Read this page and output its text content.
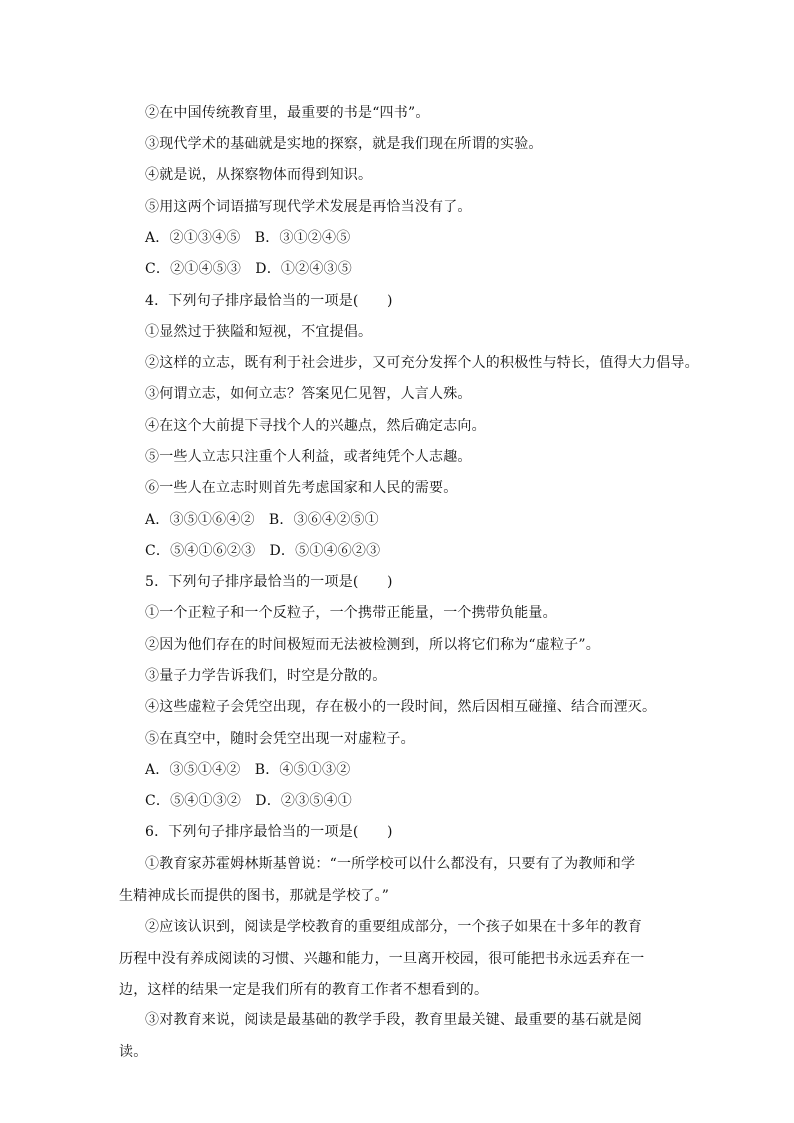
②在中国传统教育里，最重要的书是“四书”。
③现代学术的基础就是实地的探察，就是我们现在所谓的实验。
④就是说，从探察物体而得到知识。
⑤用这两个词语描写现代学术发展是再恰当没有了。
A．②①③④⑤　B．③①②④⑤
C．②①④⑤③　D．①②④③⑤
4．下列句子排序最恰当的一项是(　　)
①显然过于狭隘和短视，不宜提倡。
②这样的立志，既有利于社会进步，又可充分发挥个人的积极性与特长，值得大力倡导。
③何谓立志，如何立志？答案见仁见智，人言人殊。
④在这个大前提下寻找个人的兴趣点，然后确定志向。
⑤一些人立志只注重个人利益，或者纯凭个人志趣。
⑥一些人在立志时则首先考虑国家和人民的需要。
A．③⑤①⑥④②　B．③⑥④②⑤①
C．⑤④①⑥②③　D．⑤①④⑥②③
5．下列句子排序最恰当的一项是(　　)
①一个正粒子和一个反粒子，一个携带正能量，一个携带负能量。
②因为他们存在的时间极短而无法被检测到，所以将它们称为“虚粒子”。
③量子力学告诉我们，时空是分散的。
④这些虚粒子会凭空出现，存在极小的一段时间，然后因相互碰撞、结合而湮灭。
⑤在真空中，随时会凭空出现一对虚粒子。
A．③⑤①④②　B．④⑤①③②
C．⑤④①③②　D．②③⑤④①
6．下列句子排序最恰当的一项是(　　)
①教育家苏霍姆林斯基曾说：“一所学校可以什么都没有，只要有了为教师和学生精神成长而提供的图书，那就是学校了。”
②应该认识到，阅读是学校教育的重要组成部分，一个孩子如果在十多年的教育历程中没有养成阅读的习惯、兴趣和能力，一旦离开校园，很可能把书永远丢弃在一边，这样的结果一定是我们所有的教育工作者不想看到的。
③对教育来说，阅读是最基础的教学手段，教育里最关键、最重要的基石就是阅读。
